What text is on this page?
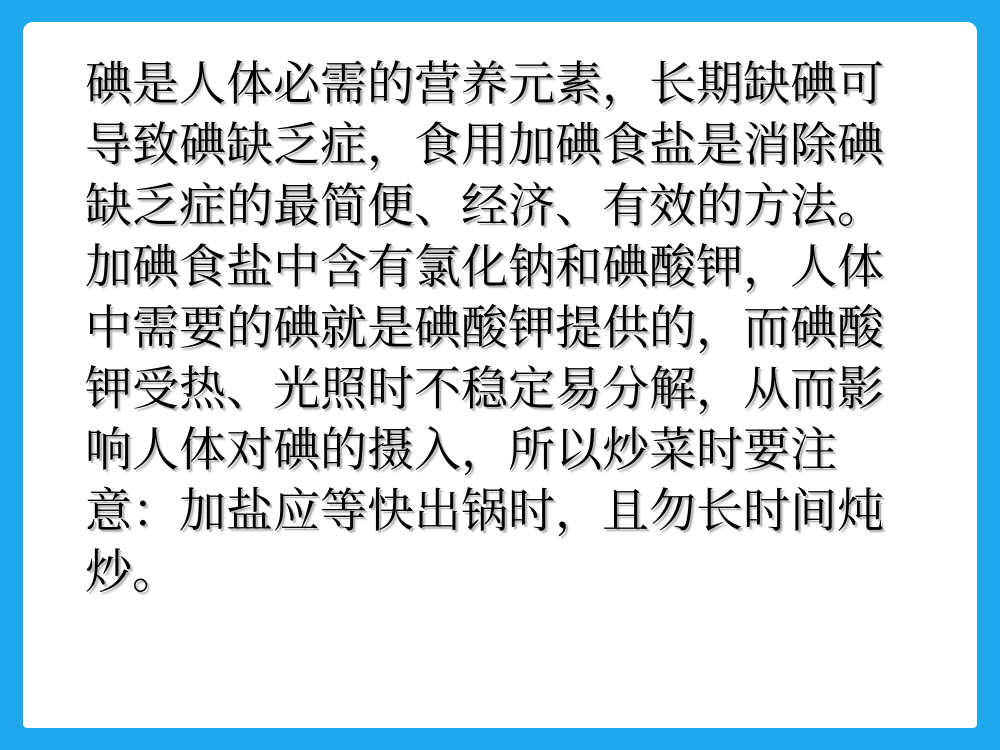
碘是人体必需的营养元素，长期缺碘可导致碘缺乏症，食用加碘食盐是消除碘缺乏症的最简便、经济、有效的方法。加碘食盐中含有氯化钠和碘酸钾，人体中需要的碘就是碘酸钾提供的，而碘酸钾受热、光照时不稳定易分解，从而影响人体对碘的摄入，所以炒菜时要注意：加盐应等快出锅时，且勿长时间炖炒。
